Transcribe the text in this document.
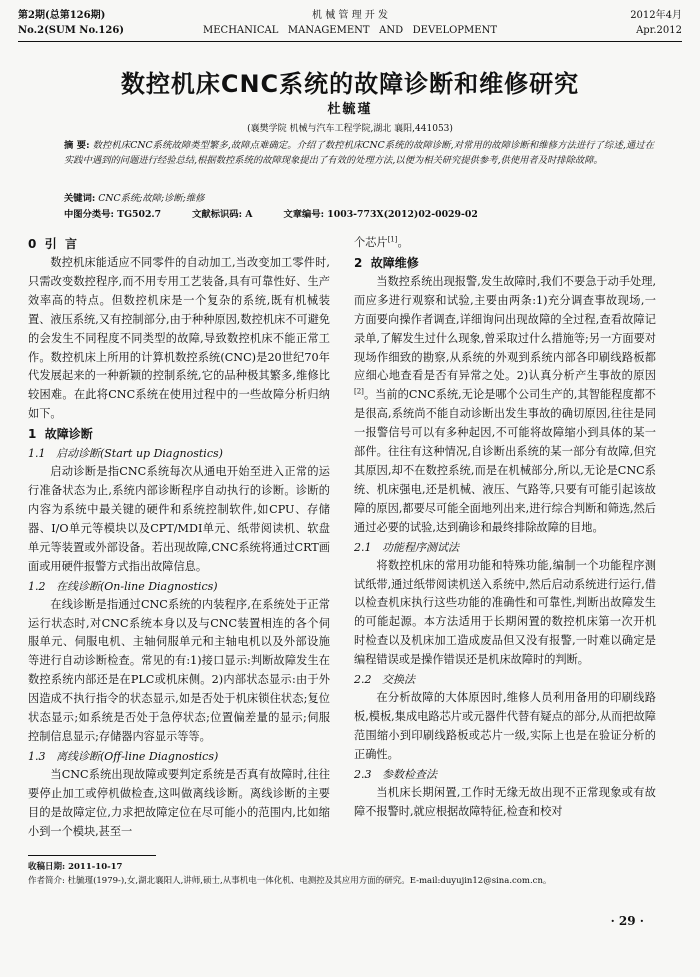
第2期(总第126期)
No.2(SUM No.126)
机 械 管 理 开 发
MECHANICAL   MANAGEMENT   AND   DEVELOPMENT
2012年4月
Apr.2012
数控机床CNC系统的故障诊断和维修研究
杜毓瑾
(襄樊学院 机械与汽车工程学院,湖北 襄阳,441053)
摘 要: 数控机床CNC系统故障类型繁多,故障点难确定。介绍了数控机床CNC系统的故障诊断,对常用的故障诊断和维修方法进行了综述,通过在实践中遇到的问题进行经验总结,根据数控系统的故障现象提出了有效的处理方法,以便为相关研究提供参考,供使用者及时排除故障。
关键词: CNC系统;故障;诊断;维修
中图分类号: TG502.7	文献标识码: A	文章编号: 1003-773X(2012)02-0029-02
0  引  言

数控机床能适应不同零件的自动加工,当改变加工零件时,只需改变数控程序,而不用专用工艺装备,具有可靠性好、生产效率高的特点。但数控机床是一个复杂的系统,既有机械装置、液压系统,又有控制部分,由于种种原因,数控机床不可避免的会发生不同程度不同类型的故障,导致数控机床不能正常工作。数控机床上所用的计算机数控系统(CNC)是20世纪70年代发展起来的一种新颖的控制系统,它的品种极其繁多,维修比较困难。在此将CNC系统在使用过程中的一些故障分析归纳如下。

1  故障诊断
1.1   启动诊断(Start up Diagnostics)

启动诊断是指CNC系统每次从通电开始至进入正常的运行准备状态为止,系统内部诊断程序自动执行的诊断。诊断的内容为系统中最关键的硬件和系统控制软件,如CPU、存储器、I/O单元等模块以及CPT/MDI单元、纸带阅读机、软盘单元等装置或外部设备。若出现故障,CNC系统将通过CRT画面或用硬件报警方式指出故障信息。

1.2   在线诊断(On-line Diagnostics)

在线诊断是指通过CNC系统的内装程序,在系统处于正常运行状态时,对CNC系统本身以及与CNC装置相连的各个伺服单元、伺服电机、主轴伺服单元和主轴电机以及外部设施等进行自动诊断检查。常见的有:1)接口显示:判断故障发生在数控系统内部还是在PLC或机床侧。2)内部状态显示:由于外因造成不执行指令的状态显示,如是否处于机床锁住状态;复位状态显示;如系统是否处于急停状态;位置偏差量的显示;伺服控制信息显示;存储器内容显示等等。

1.3   离线诊断(Off-line Diagnostics)

当CNC系统出现故障或要判定系统是否真有故障时,往往要停止加工或停机做检查,这叫做离线诊断。离线诊断的主要目的是故障定位,力求把故障定位在尽可能小的范围内,比如缩小到一个模块,甚至一

个芯片[1]。

2  故障维修

当数控系统出现报警,发生故障时,我们不要急于动手处理,而应多进行观察和试验,主要由两条:1)充分调查事故现场,一方面要向操作者调查,详细询问出现故障的全过程,查看故障记录单,了解发生过什么现象,曾采取过什么措施等;另一方面要对现场作细致的勘察,从系统的外观到系统内部各印刷线路板都应细心地查看是否有异常之处。2)认真分析产生事故的原因[2]。当前的CNC系统,无论是哪个公司生产的,其智能程度都不是很高,系统尚不能自动诊断出发生事故的确切原因,往往是同一报警信号可以有多种起因,不可能将故障缩小到具体的某一部件。往往有这种情况,自诊断出系统的某一部分有故障,但究其原因,却不在数控系统,而是在机械部分,所以,无论是CNC系统、机床强电,还是机械、液压、气路等,只要有可能引起该故障的原因,都要尽可能全面地列出来,进行综合判断和筛选,然后通过必要的试验,达到确诊和最终排除故障的目地。

2.1   功能程序测试法

将数控机床的常用功能和特殊功能,编制一个功能程序测试纸带,通过纸带阅读机送入系统中,然后启动系统进行运行,借以检查机床执行这些功能的准确性和可靠性,判断出故障发生的可能起源。本方法适用于长期闲置的数控机床第一次开机时检查以及机床加工造成废品但又没有报警,一时难以确定是编程错误或是操作错误还是机床故障时的判断。

2.2   交换法

在分析故障的大体原因时,维修人员利用备用的印刷线路板,模板,集成电路芯片或元器件代替有疑点的部分,从而把故障范围缩小到印刷线路板或芯片一级,实际上也是在验证分析的正确性。

2.3   参数检查法

当机床长期闲置,工作时无缘无故出现不正常现象或有故障不报警时,就应根据故障特征,检查和校对

收稿日期: 2011-10-17
作者简介: 杜毓瑾(1979-),女,湖北襄阳人,讲师,硕士,从事机电一体化机、电测控及其应用方面的研究。E-mail:duyujin12@sina.com.cn。
· 29 ·
